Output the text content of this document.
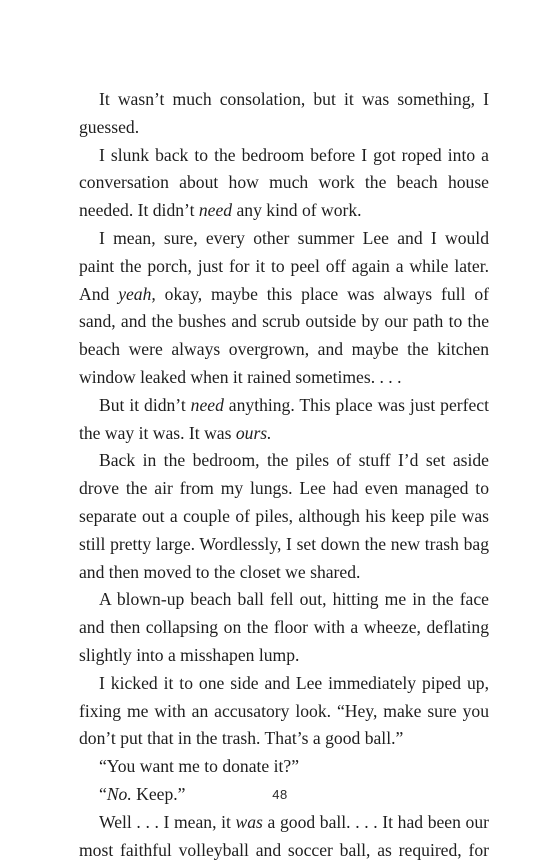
It wasn’t much consolation, but it was something, I guessed.

I slunk back to the bedroom before I got roped into a conversation about how much work the beach house needed. It didn’t need any kind of work.

I mean, sure, every other summer Lee and I would paint the porch, just for it to peel off again a while later. And yeah, okay, maybe this place was always full of sand, and the bushes and scrub outside by our path to the beach were always overgrown, and maybe the kitchen window leaked when it rained sometimes. . . .

But it didn’t need anything. This place was just perfect the way it was. It was ours.

Back in the bedroom, the piles of stuff I’d set aside drove the air from my lungs. Lee had even managed to separate out a couple of piles, although his keep pile was still pretty large. Wordlessly, I set down the new trash bag and then moved to the closet we shared.

A blown-up beach ball fell out, hitting me in the face and then collapsing on the floor with a wheeze, deflating slightly into a misshapen lump.

I kicked it to one side and Lee immediately piped up, fixing me with an accusatory look. “Hey, make sure you don’t put that in the trash. That’s a good ball.”

“You want me to donate it?”

“No. Keep.”

Well . . . I mean, it was a good ball. . . . It had been our most faithful volleyball and soccer ball, as required, for

48
